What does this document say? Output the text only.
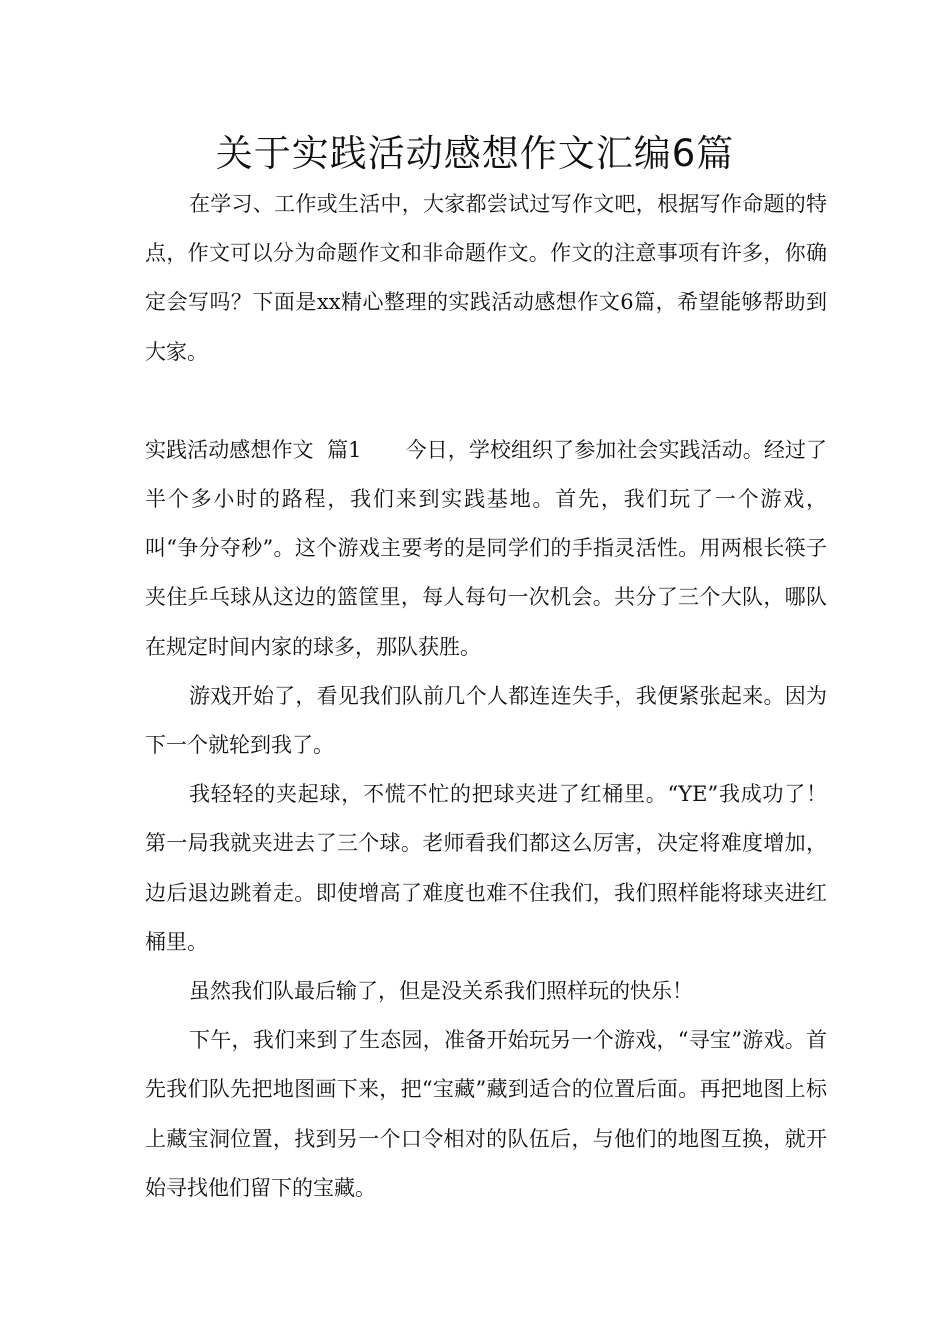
关于实践活动感想作文汇编6篇

在学习、工作或生活中，大家都尝试过写作文吧，根据写作命题的特点，作文可以分为命题作文和非命题作文。作文的注意事项有许多，你确定会写吗？下面是xx精心整理的实践活动感想作文6篇，希望能够帮助到大家。

实践活动感想作文  篇1 今日，学校组织了参加社会实践活动。经过了半个多小时的路程，我们来到实践基地。首先，我们玩了一个游戏，叫“争分夺秒”。这个游戏主要考的是同学们的手指灵活性。用两根长筷子夹住乒乓球从这边的篮筐里，每人每句一次机会。共分了三个大队，哪队在规定时间内家的球多，那队获胜。

游戏开始了，看见我们队前几个人都连连失手，我便紧张起来。因为下一个就轮到我了。

我轻轻的夹起球，不慌不忙的把球夹进了红桶里。“YE”我成功了！第一局我就夹进去了三个球。老师看我们都这么厉害，决定将难度增加，边后退边跳着走。即使增高了难度也难不住我们，我们照样能将球夹进红桶里。

虽然我们队最后输了，但是没关系我们照样玩的快乐！

下午，我们来到了生态园，准备开始玩另一个游戏，“寻宝”游戏。首先我们队先把地图画下来，把“宝藏”藏到适合的位置后面。再把地图上标上藏宝洞位置，找到另一个口令相对的队伍后，与他们的地图互换，就开始寻找他们留下的宝藏。
